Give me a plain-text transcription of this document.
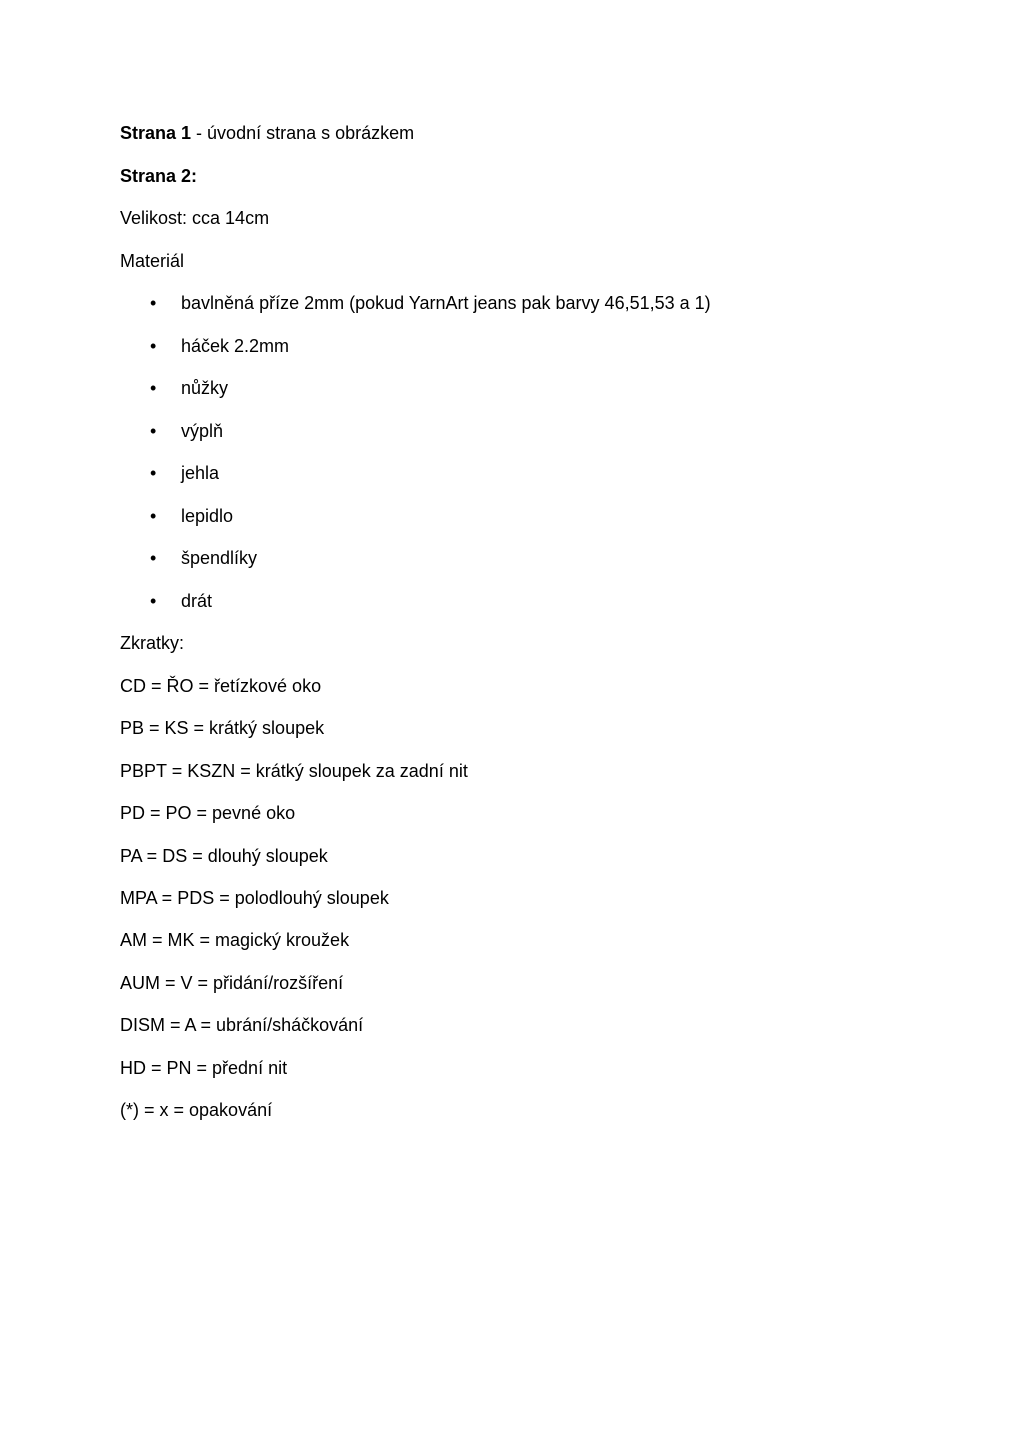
Strana 1 - úvodní strana s obrázkem
Strana 2:
Velikost: cca 14cm
Materiál
• bavlněná příze 2mm (pokud YarnArt jeans pak barvy 46,51,53 a 1)
• háček 2.2mm
• nůžky
• výplň
• jehla
• lepidlo
• špendlíky
• drát
Zkratky:
CD = ŘO = řetízkové oko
PB = KS = krátký sloupek
PBPT = KSZN = krátký sloupek za zadní nit
PD = PO = pevné oko
PA = DS = dlouhý sloupek
MPA = PDS = polodlouhý sloupek
AM = MK = magický kroužek
AUM = V = přidání/rozšíření
DISM = A = ubrání/sháčkování
HD = PN = přední nit
(*) = x = opakování
